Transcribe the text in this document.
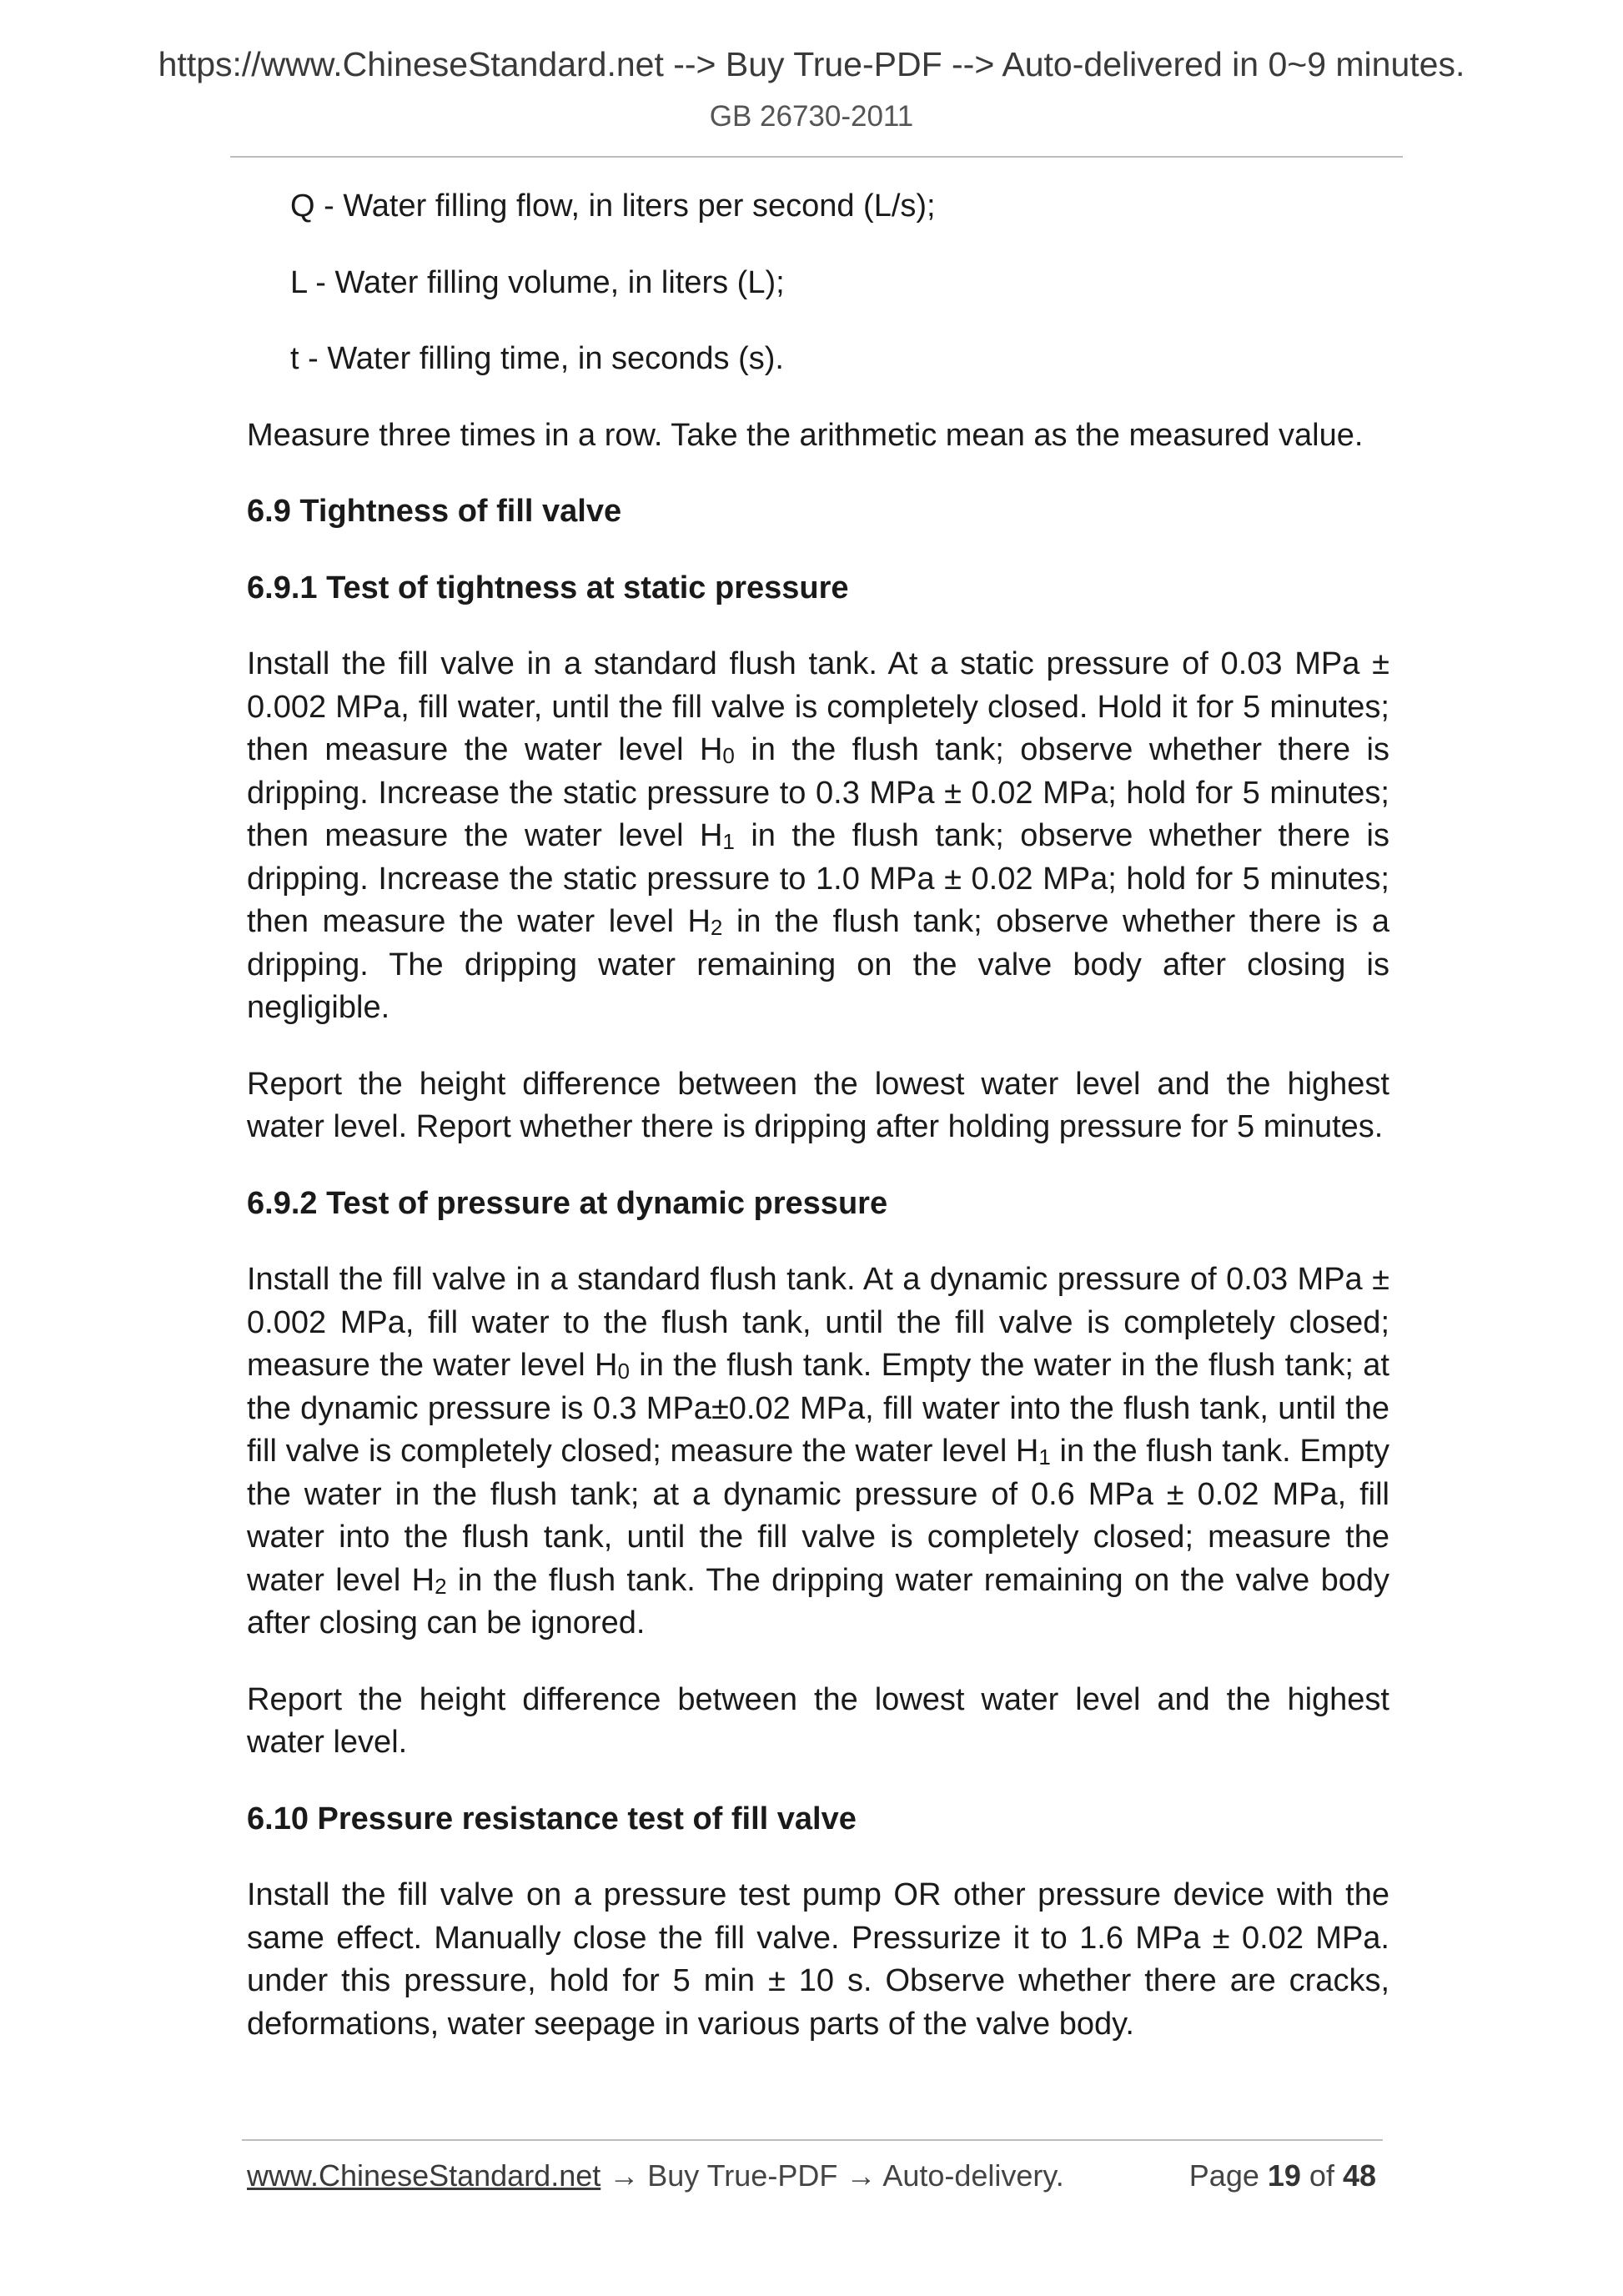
https://www.ChineseStandard.net --> Buy True-PDF --> Auto-delivered in 0~9 minutes.
GB 26730-2011

Q - Water filling flow, in liters per second (L/s);

L - Water filling volume, in liters (L);

t - Water filling time, in seconds (s).

Measure three times in a row. Take the arithmetic mean as the measured value.

6.9 Tightness of fill valve
6.9.1 Test of tightness at static pressure

Install the fill valve in a standard flush tank. At a static pressure of 0.03 MPa ± 0.002 MPa, fill water, until the fill valve is completely closed. Hold it for 5 minutes; then measure the water level $H_0$ in the flush tank; observe whether there is dripping. Increase the static pressure to 0.3 MPa ± 0.02 MPa; hold for 5 minutes; then measure the water level $H_1$ in the flush tank; observe whether there is dripping. Increase the static pressure to 1.0 MPa ± 0.02 MPa; hold for 5 minutes; then measure the water level $H_2$ in the flush tank; observe whether there is a dripping. The dripping water remaining on the valve body after closing is negligible.

Report the height difference between the lowest water level and the highest water level. Report whether there is dripping after holding pressure for 5 minutes.

6.9.2 Test of pressure at dynamic pressure

Install the fill valve in a standard flush tank. At a dynamic pressure of 0.03 MPa ± 0.002 MPa, fill water to the flush tank, until the fill valve is completely closed; measure the water level $H_0$ in the flush tank. Empty the water in the flush tank; at the dynamic pressure is 0.3 MPa±0.02 MPa, fill water into the flush tank, until the fill valve is completely closed; measure the water level $H_1$ in the flush tank. Empty the water in the flush tank; at a dynamic pressure of 0.6 MPa ± 0.02 MPa, fill water into the flush tank, until the fill valve is completely closed; measure the water level $H_2$ in the flush tank. The dripping water remaining on the valve body after closing can be ignored.

Report the height difference between the lowest water level and the highest water level.

6.10 Pressure resistance test of fill valve

Install the fill valve on a pressure test pump OR other pressure device with the same effect. Manually close the fill valve. Pressurize it to 1.6 MPa ± 0.02 MPa. under this pressure, hold for 5 min ± 10 s. Observe whether there are cracks, deformations, water seepage in various parts of the valve body.

www.ChineseStandard.net → Buy True-PDF → Auto-delivery.	Page 19 of 48
